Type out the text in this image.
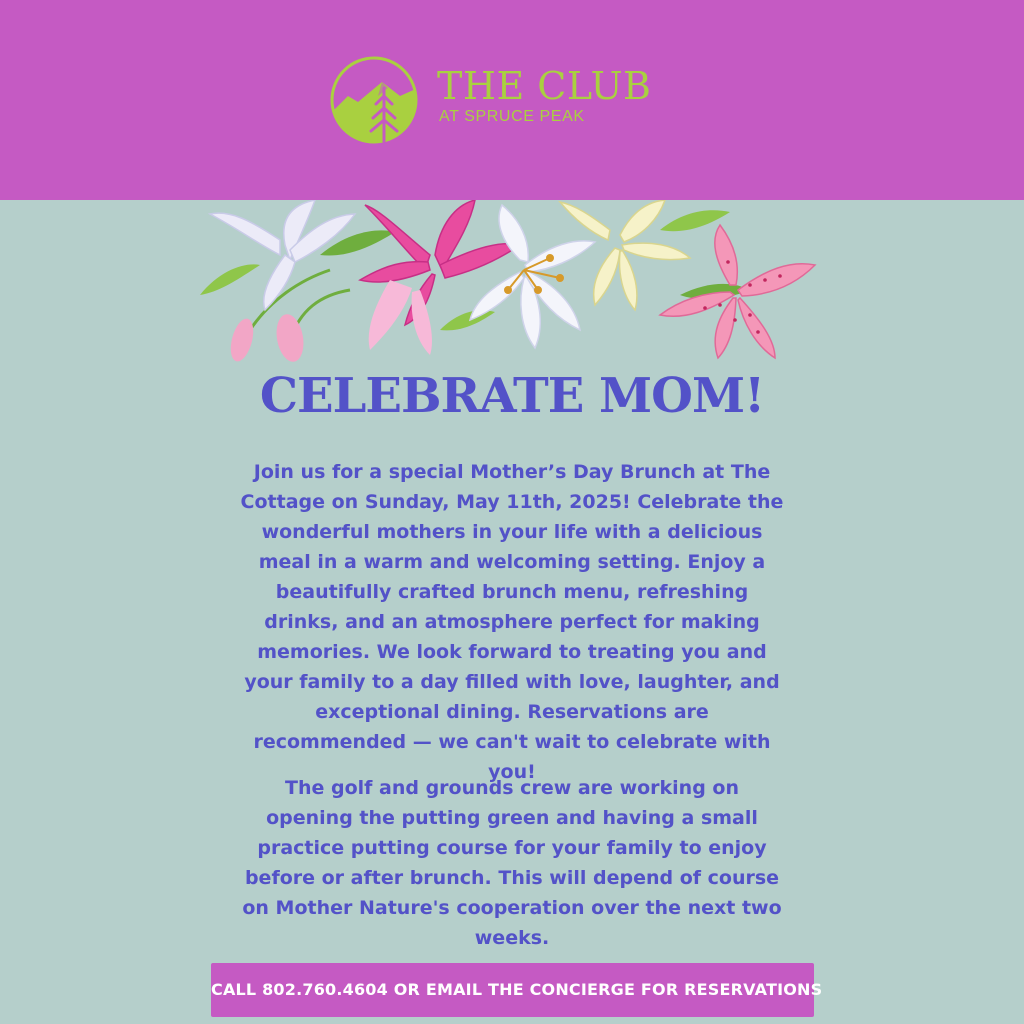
THE CLUB
AT SPRUCE PEAK
CELEBRATE MOM!

Join us for a special Mother’s Day Brunch at The Cottage on Sunday, May 11th, 2025! Celebrate the wonderful mothers in your life with a delicious meal in a warm and welcoming setting. Enjoy a beautifully crafted brunch menu, refreshing drinks, and an atmosphere perfect for making memories. We look forward to treating you and your family to a day filled with love, laughter, and exceptional dining. Reservations are recommended — we can't wait to celebrate with you!

The golf and grounds crew are working on opening the putting green and having a small practice putting course for your family to enjoy before or after brunch. This will depend of course on Mother Nature's cooperation over the next two weeks.

CALL 802.760.4604 OR EMAIL THE CONCIERGE FOR RESERVATIONS
